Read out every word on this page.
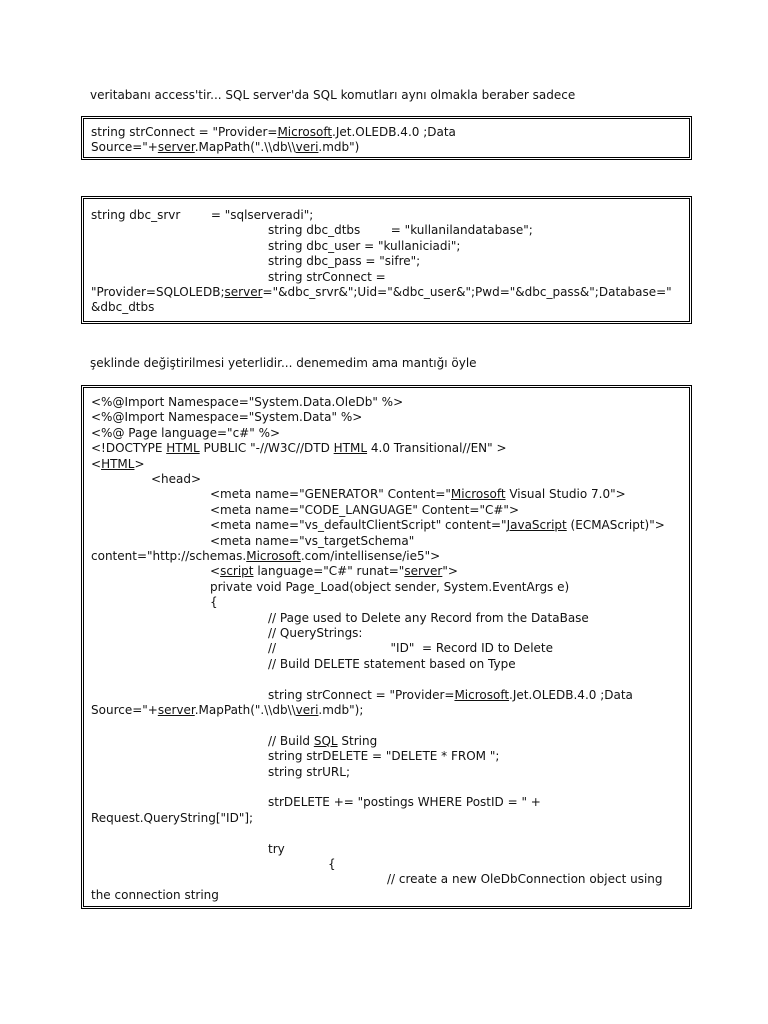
veritabanı access'tir... SQL server'da SQL komutları aynı olmakla beraber sadece

string strConnect = "Provider=Microsoft.Jet.OLEDB.4.0 ;Data
Source="+server.MapPath(".\\db\\veri.mdb")
string dbc_srvr        = "sqlserveradi";
string dbc_dtbs        = "kullanilandatabase";
string dbc_user = "kullaniciadi";
string dbc_pass = "sifre";
string strConnect =
"Provider=SQLOLEDB;server="&dbc_srvr&";Uid="&dbc_user&";Pwd="&dbc_pass&";Database="
&dbc_dtbs

şeklinde değiştirilmesi yeterlidir... denemedim ama mantığı öyle

<%@Import Namespace="System.Data.OleDb" %>
<%@Import Namespace="System.Data" %>
<%@ Page language="c#" %>
<!DOCTYPE HTML PUBLIC "-//W3C//DTD HTML 4.0 Transitional//EN" >
<HTML>
<head>
<meta name="GENERATOR" Content="Microsoft Visual Studio 7.0">
<meta name="CODE_LANGUAGE" Content="C#">
<meta name="vs_defaultClientScript" content="JavaScript (ECMAScript)">
<meta name="vs_targetSchema"
content="http://schemas.Microsoft.com/intellisense/ie5">
<script language="C#" runat="server">
private void Page_Load(object sender, System.EventArgs e)
{
// Page used to Delete any Record from the DataBase
// QueryStrings:
//                              "ID"  = Record ID to Delete
// Build DELETE statement based on Type
string strConnect = "Provider=Microsoft.Jet.OLEDB.4.0 ;Data
Source="+server.MapPath(".\\db\\veri.mdb");
// Build SQL String
string strDELETE = "DELETE * FROM ";
string strURL;
strDELETE += "postings WHERE PostID = " +
Request.QueryString["ID"];
try
{
// create a new OleDbConnection object using
the connection string
